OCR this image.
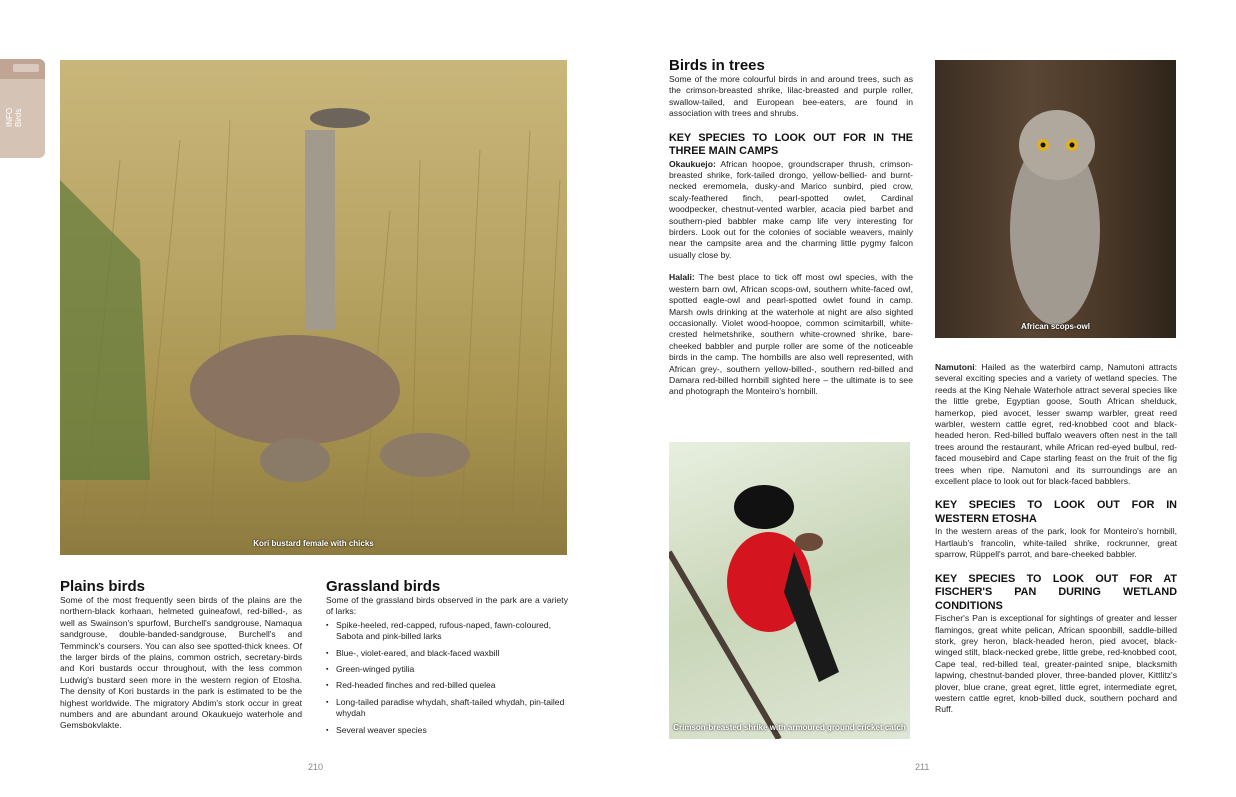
INFO
Birds
Kori bustard female with chicks
Plains birds

Some of the most frequently seen birds of the plains are the northern-black korhaan, helmeted guineafowl, red-billed-, as well as Swainson's spurfowl, Burchell's sandgrouse, Namaqua sandgrouse, double-banded-sandgrouse, Burchell's and Temminck's coursers. You can also see spotted-thick knees. Of the larger birds of the plains, common ostrich, secretary-birds and Kori bustards occur throughout, with the less common Ludwig's bustard seen more in the western region of Etosha. The density of Kori bustards in the park is estimated to be the highest worldwide. The migratory Abdim's stork occur in great numbers and are abundant around Okaukuejo waterhole and Gemsbokvlakte.

Grassland birds

Some of the grassland birds observed in the park are a variety of larks:

▪ Spike-heeled, red-capped, rufous-naped, fawn-coloured, Sabota and pink-billed larks
▪ Blue-, violet-eared, and black-faced waxbill
▪ Green-winged pytilia
▪ Red-headed finches and red-billed quelea
▪ Long-tailed paradise whydah, shaft-tailed whydah, pin-tailed whydah
▪ Several weaver species
210
Birds in trees

Some of the more colourful birds in and around trees, such as the crimson-breasted shrike, lilac-breasted and purple roller, swallow-tailed, and European bee-eaters, are found in association with trees and shrubs.

KEY SPECIES TO LOOK OUT FOR IN THE THREE MAIN CAMPS

Okaukuejo: African hoopoe, groundscraper thrush, crimson-breasted shrike, fork-tailed drongo, yellow-bellied- and burnt-necked eremomela, dusky-and Marico sunbird, pied crow, scaly-feathered finch, pearl-spotted owlet, Cardinal woodpecker, chestnut-vented warbler, acacia pied barbet and southern-pied babbler make camp life very interesting for birders. Look out for the colonies of sociable weavers, mainly near the campsite area and the charming little pygmy falcon usually close by.

Halali: The best place to tick off most owl species, with the western barn owl, African scops-owl, southern white-faced owl, spotted eagle-owl and pearl-spotted owlet found in camp. Marsh owls drinking at the waterhole at night are also sighted occasionally. Violet wood-hoopoe, common scimitarbill, white-crested helmetshrike, southern white-crowned shrike, bare-cheeked babbler and purple roller are some of the noticeable birds in the camp. The hornbills are also well represented, with African grey-, southern yellow-billed-, southern red-billed and Damara red-billed hornbill sighted here – the ultimate is to see and photograph the Monteiro's hornbill.

African scops-owl
Crimson-breasted shrike with armoured ground cricket catch

Namutoni: Hailed as the waterbird camp, Namutoni attracts several exciting species and a variety of wetland species. The reeds at the King Nehale Waterhole attract several species like the little grebe, Egyptian goose, South African shelduck, hamerkop, pied avocet, lesser swamp warbler, great reed warbler, western cattle egret, red-knobbed coot and black-headed heron. Red-billed buffalo weavers often nest in the tall trees around the restaurant, while African red-eyed bulbul, red-faced mousebird and Cape starling feast on the fruit of the fig trees when ripe. Namutoni and its surroundings are an excellent place to look out for black-faced babblers.

KEY SPECIES TO LOOK OUT FOR IN WESTERN ETOSHA

In the western areas of the park, look for Monteiro's hornbill, Hartlaub's francolin, white-tailed shrike, rockrunner, great sparrow, Rüppell's parrot, and bare-cheeked babbler.

KEY SPECIES TO LOOK OUT FOR AT FISCHER'S PAN DURING WETLAND CONDITIONS

Fischer's Pan is exceptional for sightings of greater and lesser flamingos, great white pelican, African spoonbill, saddle-billed stork, grey heron, black-headed heron, pied avocet, black-winged stilt, black-necked grebe, little grebe, red-knobbed coot, Cape teal, red-billed teal, greater-painted snipe, blacksmith lapwing, chestnut-banded plover, three-banded plover, Kittlitz's plover, blue crane, great egret, little egret, intermediate egret, western cattle egret, knob-billed duck, southern pochard and Ruff.

211
